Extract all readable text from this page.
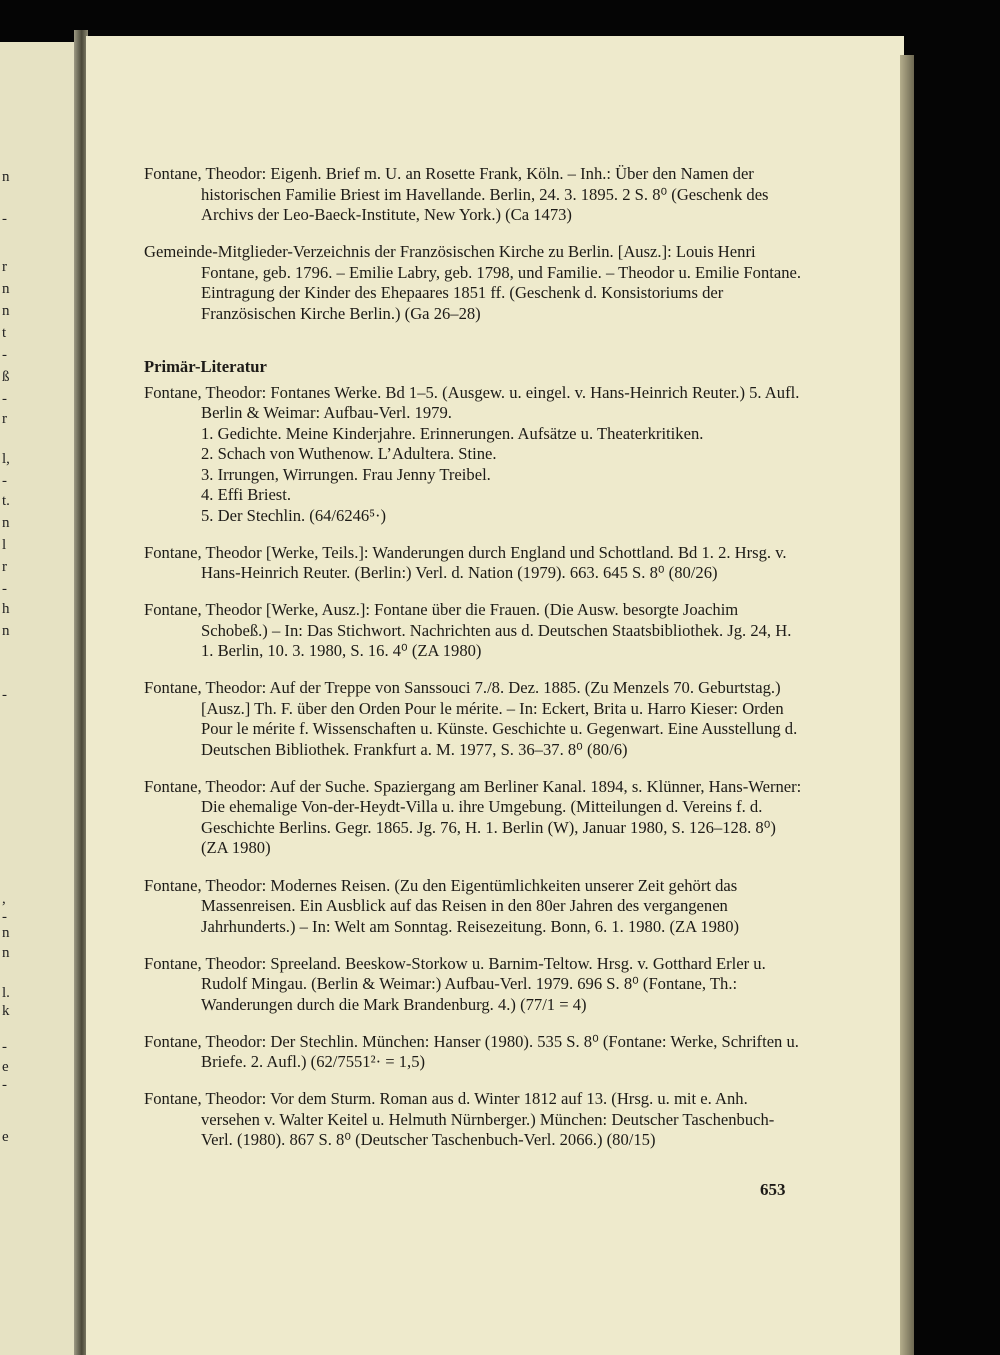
n
-
r
n
n
t
-
ß
-
r
l,
-
t.
n
l
r
-
h
n
-
,
-
n
n
l.
k
-
e
-
e

Fontane, Theodor: Eigenh. Brief m. U. an Rosette Frank, Köln. – Inh.: Über den Namen der historischen Familie Briest im Havellande. Berlin, 24. 3. 1895. 2 S. 8⁰ (Geschenk des Archivs der Leo-Baeck-Institute, New York.) (Ca 1473)

Gemeinde-Mitglieder-Verzeichnis der Französischen Kirche zu Berlin. [Ausz.]: Louis Henri Fontane, geb. 1796. – Emilie Labry, geb. 1798, und Familie. – Theodor u. Emilie Fontane. Eintragung der Kinder des Ehepaares 1851 ff. (Geschenk d. Konsistoriums der Französischen Kirche Berlin.) (Ga 26–28)

Primär-Literatur
Fontane, Theodor: Fontanes Werke. Bd 1–5. (Ausgew. u. eingel. v. Hans-Heinrich Reuter.) 5. Aufl. Berlin & Weimar: Aufbau-Verl. 1979.

1. Gedichte. Meine Kinderjahre. Erinnerungen. Aufsätze u. Theaterkritiken.

2. Schach von Wuthenow. L’Adultera. Stine.

3. Irrungen, Wirrungen. Frau Jenny Treibel.

4. Effi Briest.

5. Der Stechlin. (64/6246⁵·)

Fontane, Theodor [Werke, Teils.]: Wanderungen durch England und Schottland. Bd 1. 2. Hrsg. v. Hans-Heinrich Reuter. (Berlin:) Verl. d. Nation (1979). 663. 645 S. 8⁰ (80/26)

Fontane, Theodor [Werke, Ausz.]: Fontane über die Frauen. (Die Ausw. besorgte Joachim Schobeß.) – In: Das Stichwort. Nachrichten aus d. Deutschen Staatsbibliothek. Jg. 24, H. 1. Berlin, 10. 3. 1980, S. 16. 4⁰ (ZA 1980)

Fontane, Theodor: Auf der Treppe von Sanssouci 7./8. Dez. 1885. (Zu Menzels 70. Geburtstag.) [Ausz.] Th. F. über den Orden Pour le mérite. – In: Eckert, Brita u. Harro Kieser: Orden Pour le mérite f. Wissenschaften u. Künste. Geschichte u. Gegenwart. Eine Ausstellung d. Deutschen Bibliothek. Frankfurt a. M. 1977, S. 36–37. 8⁰ (80/6)

Fontane, Theodor: Auf der Suche. Spaziergang am Berliner Kanal. 1894, s. Klünner, Hans-Werner: Die ehemalige Von-der-Heydt-Villa u. ihre Umgebung. (Mitteilungen d. Vereins f. d. Geschichte Berlins. Gegr. 1865. Jg. 76, H. 1. Berlin (W), Januar 1980, S. 126–128. 8⁰) (ZA 1980)

Fontane, Theodor: Modernes Reisen. (Zu den Eigentümlichkeiten unserer Zeit gehört das Massenreisen. Ein Ausblick auf das Reisen in den 80er Jahren des vergangenen Jahrhunderts.) – In: Welt am Sonntag. Reisezeitung. Bonn, 6. 1. 1980. (ZA 1980)

Fontane, Theodor: Spreeland. Beeskow-Storkow u. Barnim-Teltow. Hrsg. v. Gotthard Erler u. Rudolf Mingau. (Berlin & Weimar:) Aufbau-Verl. 1979. 696 S. 8⁰ (Fontane, Th.: Wanderungen durch die Mark Brandenburg. 4.) (77/1 = 4)

Fontane, Theodor: Der Stechlin. München: Hanser (1980). 535 S. 8⁰ (Fontane: Werke, Schriften u. Briefe. 2. Aufl.) (62/7551²· = 1,5)

Fontane, Theodor: Vor dem Sturm. Roman aus d. Winter 1812 auf 13. (Hrsg. u. mit e. Anh. versehen v. Walter Keitel u. Helmuth Nürnberger.) München: Deutscher Taschenbuch-Verl. (1980). 867 S. 8⁰ (Deutscher Taschenbuch-Verl. 2066.) (80/15)

653
